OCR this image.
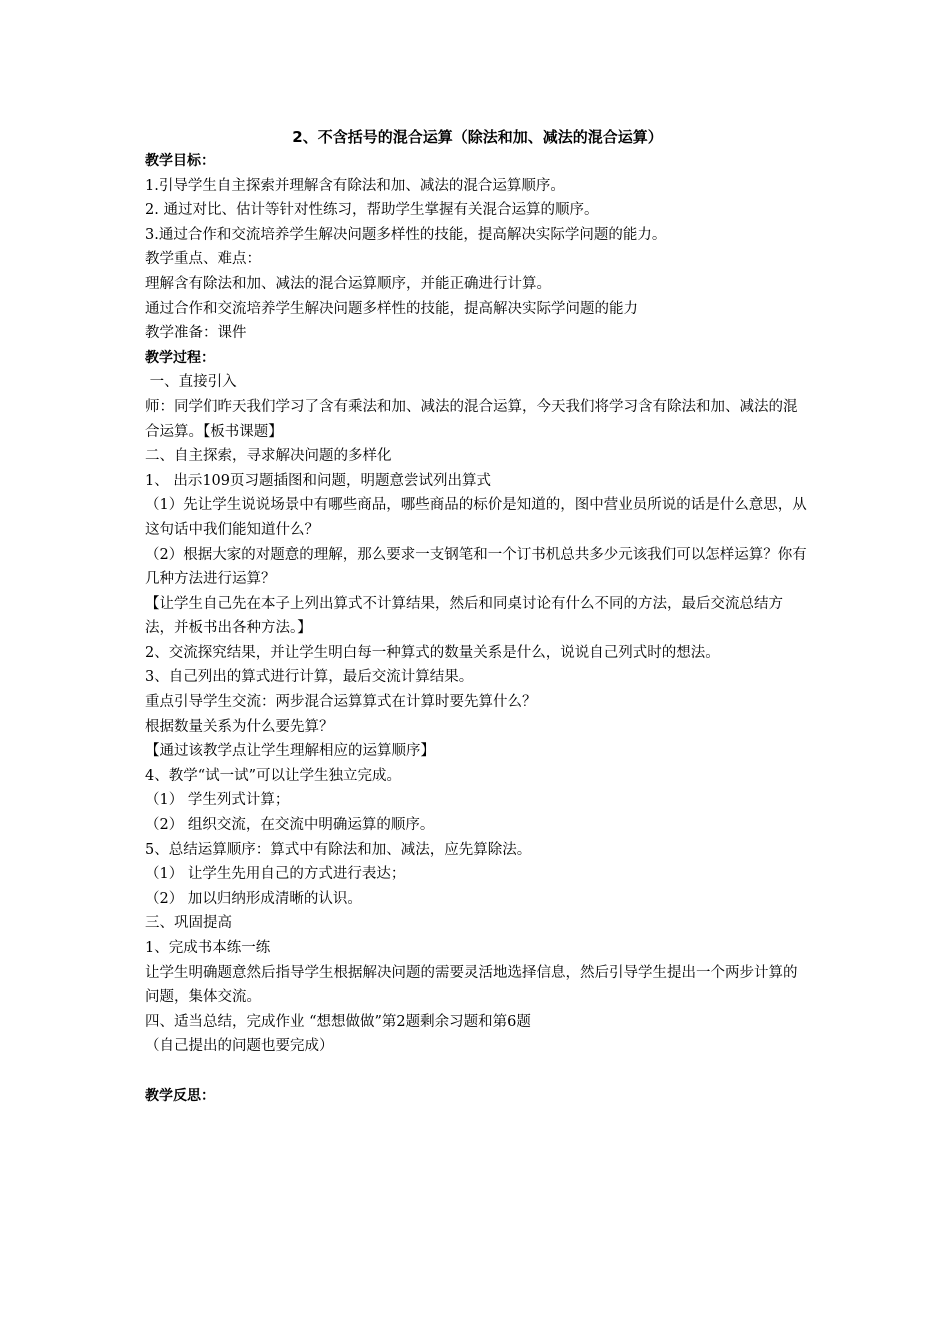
2、不含括号的混合运算（除法和加、减法的混合运算）
教学目标：
1.引导学生自主探索并理解含有除法和加、减法的混合运算顺序。
2. 通过对比、估计等针对性练习，帮助学生掌握有关混合运算的顺序。
3.通过合作和交流培养学生解决问题多样性的技能，提高解决实际学问题的能力。
教学重点、难点：
理解含有除法和加、减法的混合运算顺序，并能正确进行计算。
通过合作和交流培养学生解决问题多样性的技能，提高解决实际学问题的能力
教学准备：课件
教学过程：
一、直接引入
师：同学们昨天我们学习了含有乘法和加、减法的混合运算，今天我们将学习含有除法和加、减法的混合运算。【板书课题】
二、自主探索，寻求解决问题的多样化
1、 出示109页习题插图和问题，明题意尝试列出算式
（1）先让学生说说场景中有哪些商品，哪些商品的标价是知道的，图中营业员所说的话是什么意思，从这句话中我们能知道什么？
（2）根据大家的对题意的理解，那么要求一支钢笔和一个订书机总共多少元该我们可以怎样运算？你有几种方法进行运算？
【让学生自己先在本子上列出算式不计算结果，然后和同桌讨论有什么不同的方法，最后交流总结方法，并板书出各种方法。】
2、交流探究结果，并让学生明白每一种算式的数量关系是什么，说说自己列式时的想法。
3、自己列出的算式进行计算，最后交流计算结果。
重点引导学生交流：两步混合运算算式在计算时要先算什么？
根据数量关系为什么要先算？
【通过该教学点让学生理解相应的运算顺序】
4、教学“试一试”可以让学生独立完成。
（1） 学生列式计算；
（2） 组织交流，在交流中明确运算的顺序。
5、总结运算顺序：算式中有除法和加、减法，应先算除法。
（1） 让学生先用自己的方式进行表达；
（2） 加以归纳形成清晰的认识。
三、巩固提高
1、完成书本练一练
让学生明确题意然后指导学生根据解决问题的需要灵活地选择信息，然后引导学生提出一个两步计算的问题，集体交流。
四、适当总结，完成作业 “想想做做”第2题剩余习题和第6题
（自己提出的问题也要完成）
教学反思：
